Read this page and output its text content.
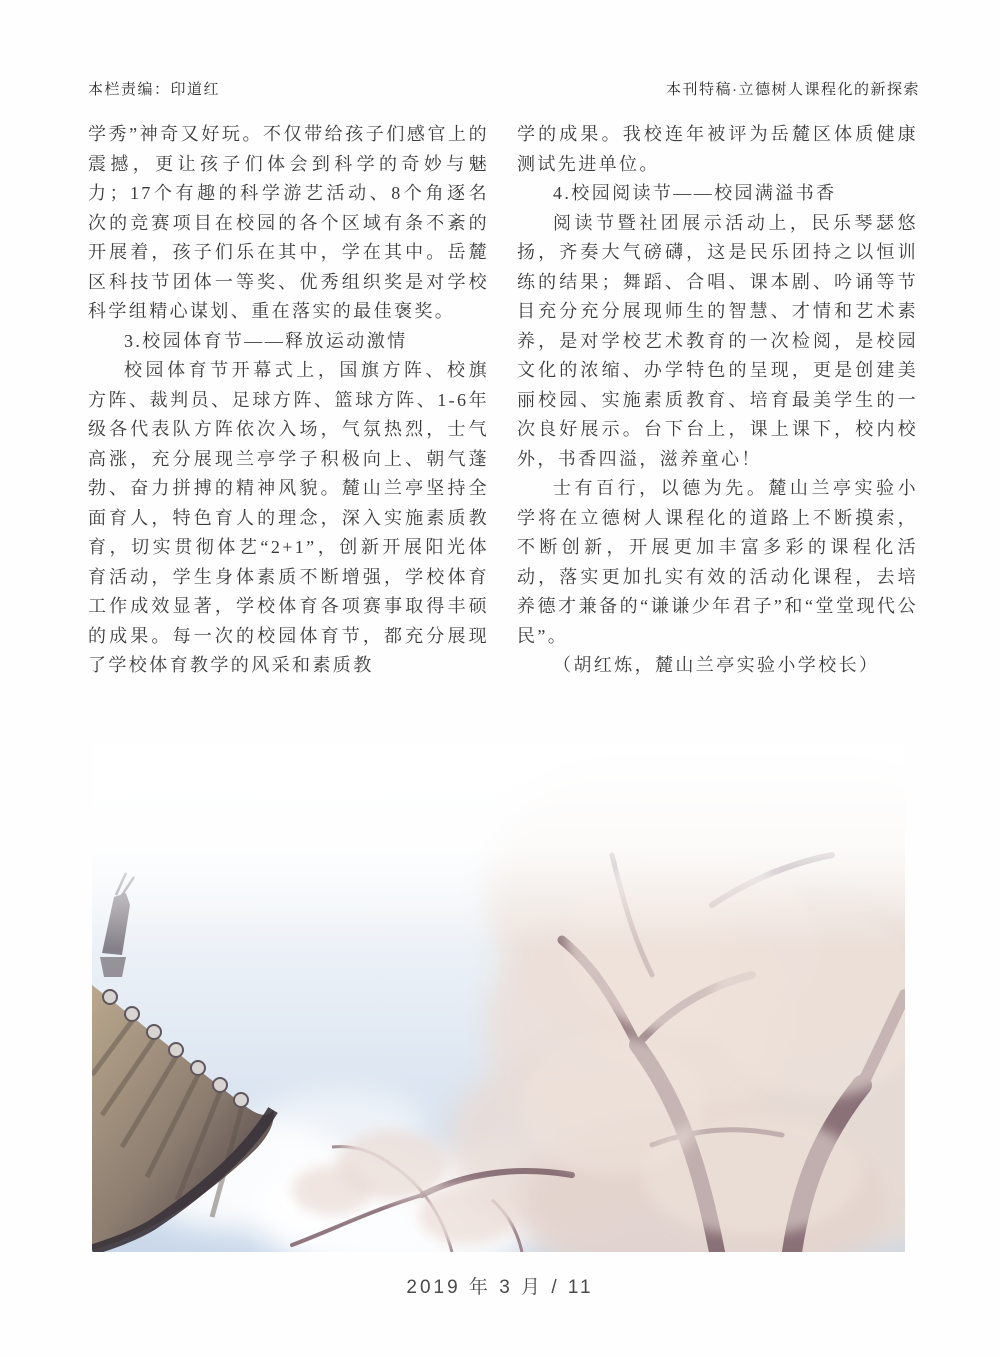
本栏责编：印道红	本刊特稿·立德树人课程化的新探索

学秀”神奇又好玩。不仅带给孩子们感官上的震撼，更让孩子们体会到科学的奇妙与魅力；17个有趣的科学游艺活动、8个角逐名次的竞赛项目在校园的各个区域有条不紊的开展着，孩子们乐在其中，学在其中。岳麓区科技节团体一等奖、优秀组织奖是对学校科学组精心谋划、重在落实的最佳褒奖。

3.校园体育节——释放运动激情

校园体育节开幕式上，国旗方阵、校旗方阵、裁判员、足球方阵、篮球方阵、1-6年级各代表队方阵依次入场，气氛热烈，士气高涨，充分展现兰亭学子积极向上、朝气蓬勃、奋力拼搏的精神风貌。麓山兰亭坚持全面育人，特色育人的理念，深入实施素质教育，切实贯彻体艺“2+1”，创新开展阳光体育活动，学生身体素质不断增强，学校体育工作成效显著，学校体育各项赛事取得丰硕的成果。每一次的校园体育节，都充分展现了学校体育教学的风采和素质教

学的成果。我校连年被评为岳麓区体质健康测试先进单位。

4.校园阅读节——校园满溢书香

阅读节暨社团展示活动上，民乐琴瑟悠扬，齐奏大气磅礴，这是民乐团持之以恒训练的结果；舞蹈、合唱、课本剧、吟诵等节目充分充分展现师生的智慧、才情和艺术素养，是对学校艺术教育的一次检阅，是校园文化的浓缩、办学特色的呈现，更是创建美丽校园、实施素质教育、培育最美学生的一次良好展示。台下台上，课上课下，校内校外，书香四溢，滋养童心！

士有百行，以德为先。麓山兰亭实验小学将在立德树人课程化的道路上不断摸索，不断创新，开展更加丰富多彩的课程化活动，落实更加扎实有效的活动化课程，去培养德才兼备的“谦谦少年君子”和“堂堂现代公民”。

（胡红炼，麓山兰亭实验小学校长）

2019 年 3 月 / 11
